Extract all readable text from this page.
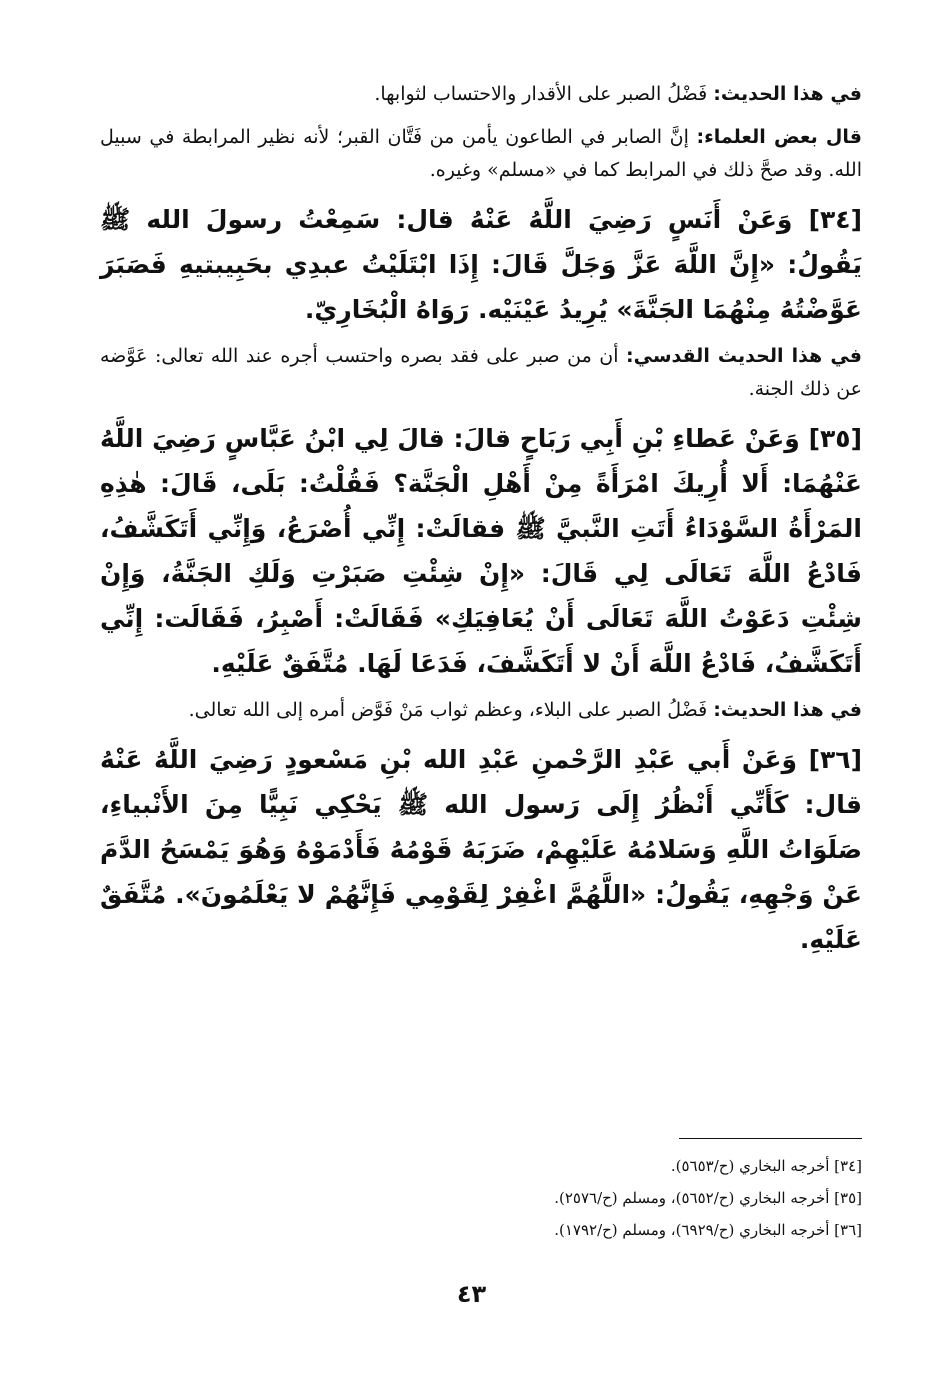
في هذا الحديث: فَضْلُ الصبر على الأقدار والاحتساب لثوابها.

قال بعض العلماء: إنَّ الصابر في الطاعون يأمن من فَتَّان القبر؛ لأنه نظير المرابطة في سبيل الله. وقد صحَّ ذلك في المرابط كما في «مسلم» وغيره.

[٣٤] وَعَنْ أَنَسٍ رَضِيَ اللَّهُ عَنْهُ قال: سَمِعْتُ رسولَ الله ﷺ يَقُولُ: «إِنَّ اللَّهَ عَزَّ وَجَلَّ قَالَ: إِذَا ابْتَلَيْتُ عبدِي بحَبِيبتيهِ فَصَبَرَ عَوَّضْتُهُ مِنْهُمَا الجَنَّةَ» يُرِيدُ عَيْنَيْه. رَوَاهُ الْبُخَارِيّ.

في هذا الحديث القدسي: أن من صبر على فقد بصره واحتسب أجره عند الله تعالى: عَوَّضه عن ذلك الجنة.

[٣٥] وَعَنْ عَطاءِ بْنِ أَبِي رَبَاحٍ قالَ: قالَ لِي ابْنُ عَبَّاسٍ رَضِيَ اللَّهُ عَنْهُمَا: أَلا أُرِيكَ امْرَأَةً مِنْ أَهْلِ الْجَنَّة؟ فَقُلْتُ: بَلَى، قَالَ: هٰذِهِ المَرْأَةُ السَّوْدَاءُ أَتَتِ النَّبيَّ ﷺ فقالَتْ: إِنِّي أُصْرَعُ، وَإِنِّي أَتَكَشَّفُ، فَادْعُ اللَّهَ تَعَالَى لِي قَالَ: «إِنْ شِئْتِ صَبَرْتِ وَلَكِ الجَنَّةُ، وَإِنْ شِئْتِ دَعَوْتُ اللَّهَ تَعَالَى أَنْ يُعَافِيَكِ» فَقَالَتْ: أَصْبِرُ، فَقَالَت: إِنِّي أَتَكَشَّفُ، فَادْعُ اللَّهَ أَنْ لا أَتَكَشَّفَ، فَدَعَا لَهَا. مُتَّفَقٌ عَلَيْهِ.

في هذا الحديث: فَضْلُ الصبر على البلاء، وعظم ثواب مَنْ فَوَّض أمره إلى الله تعالى.

[٣٦] وَعَنْ أَبي عَبْدِ الرَّحْمنِ عَبْدِ الله بْنِ مَسْعودٍ رَضِيَ اللَّهُ عَنْهُ قال: كَأَنِّي أَنْظُرُ إِلَى رَسول الله ﷺ يَحْكِي نَبِيًّا مِنَ الأَنْبياءِ، صَلَوَاتُ اللَّهِ وَسَلامُهُ عَلَيْهِمْ، ضَرَبَهُ قَوْمُهُ فَأَدْمَوْهُ وَهُوَ يَمْسَحُ الدَّمَ عَنْ وَجْهِهِ، يَقُولُ: «اللَّهُمَّ اغْفِرْ لِقَوْمِي فَإِنَّهُمْ لا يَعْلَمُونَ». مُتَّفَقٌ عَلَيْهِ.

[٣٤] أخرجه البخاري (ح/٥٦٥٣).
[٣٥] أخرجه البخاري (ح/٥٦٥٢)، ومسلم (ح/٢٥٧٦).
[٣٦] أخرجه البخاري (ح/٦٩٢٩)، ومسلم (ح/١٧٩٢).
٤٣
